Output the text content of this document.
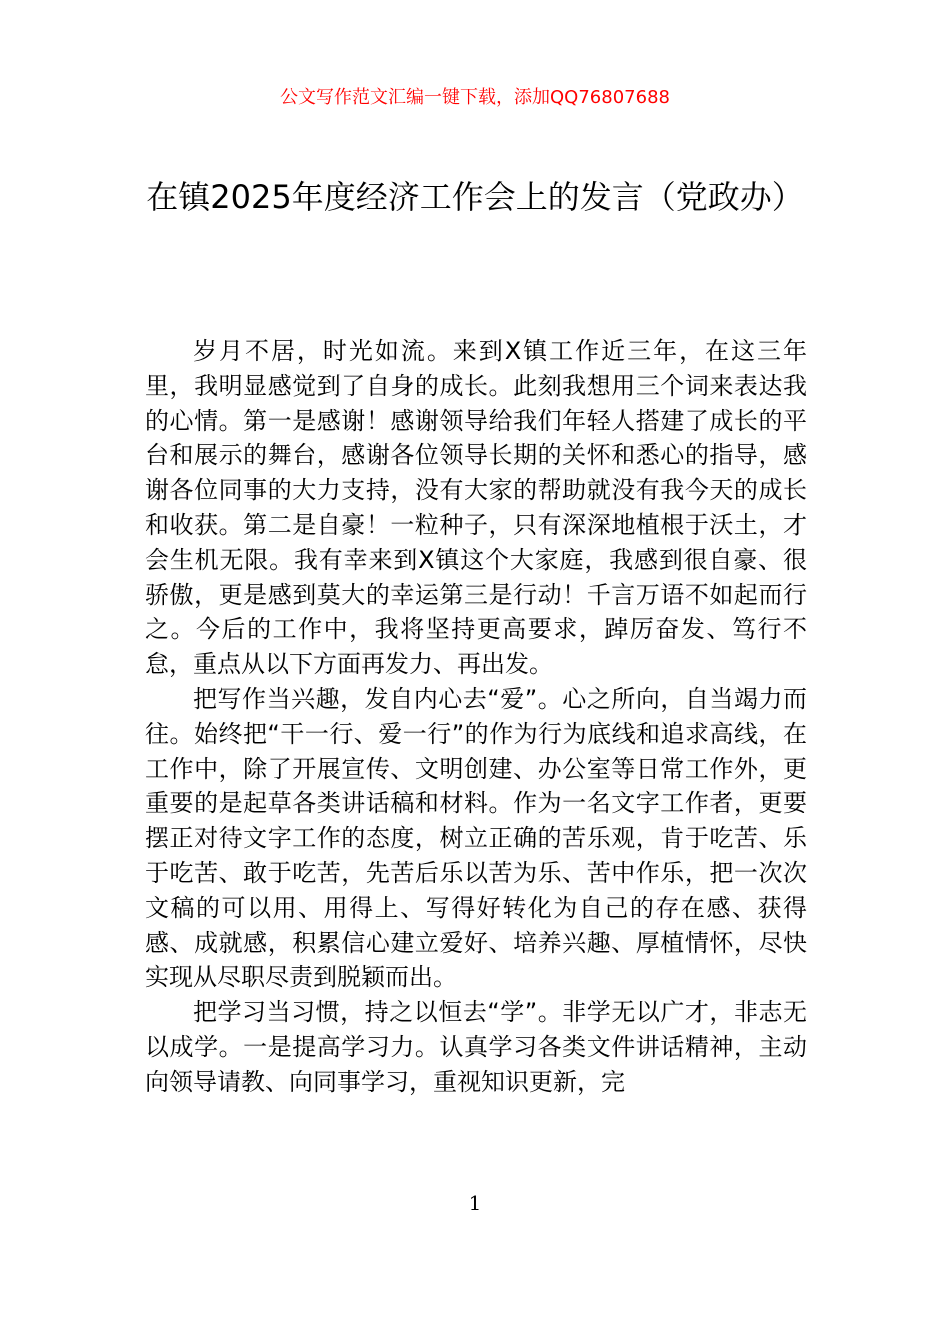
公文写作范文汇编一键下载，添加QQ76807688
在镇2025年度经济工作会上的发言（党政办）

岁月不居，时光如流。来到X镇工作近三年，在这三年里，我明显感觉到了自身的成长。此刻我想用三个词来表达我的心情。第一是感谢！感谢领导给我们年轻人搭建了成长的平台和展示的舞台，感谢各位领导长期的关怀和悉心的指导，感谢各位同事的大力支持，没有大家的帮助就没有我今天的成长和收获。第二是自豪！一粒种子，只有深深地植根于沃土，才会生机无限。我有幸来到X镇这个大家庭，我感到很自豪、很骄傲，更是感到莫大的幸运第三是行动！千言万语不如起而行之。今后的工作中，我将坚持更高要求，踔厉奋发、笃行不怠，重点从以下方面再发力、再出发。

把写作当兴趣，发自内心去“爱”。心之所向，自当竭力而往。始终把“干一行、爱一行”的作为行为底线和追求高线，在工作中，除了开展宣传、文明创建、办公室等日常工作外，更重要的是起草各类讲话稿和材料。作为一名文字工作者，更要摆正对待文字工作的态度，树立正确的苦乐观，肯于吃苦、乐于吃苦、敢于吃苦，先苦后乐以苦为乐、苦中作乐，把一次次文稿的可以用、用得上、写得好转化为自己的存在感、获得感、成就感，积累信心建立爱好、培养兴趣、厚植情怀，尽快实现从尽职尽责到脱颖而出。

把学习当习惯，持之以恒去“学”。非学无以广才，非志无以成学。一是提高学习力。认真学习各类文件讲话精神，主动向领导请教、向同事学习，重视知识更新，完

1
